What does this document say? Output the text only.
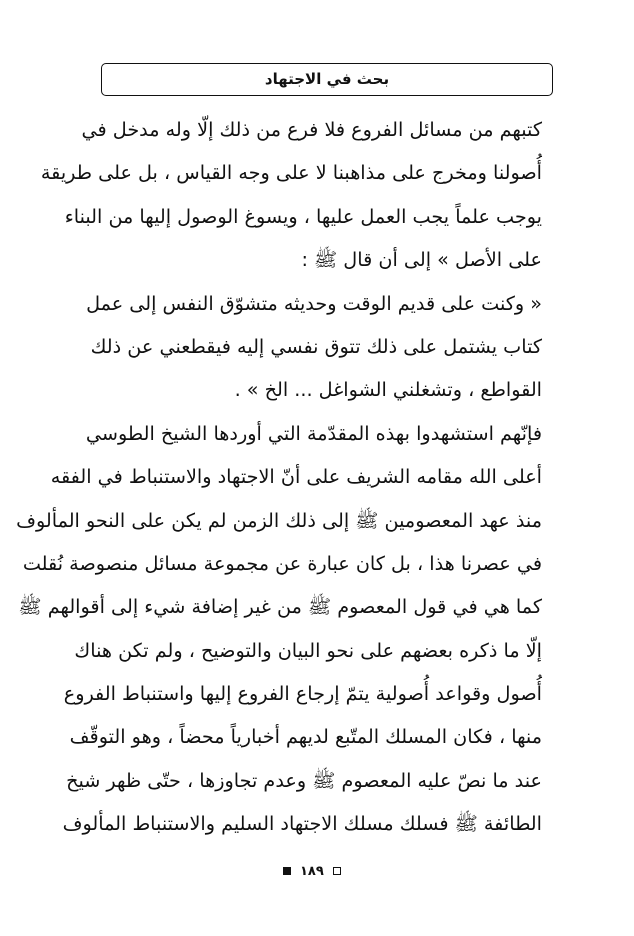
بحث في الاجتهاد
كتبهم من مسائل الفروع فلا فرع من ذلك إلّا وله مدخل في
أُصولنا ومخرج على مذاهبنا لا على وجه القياس ، بل على طريقة
يوجب علماً يجب العمل عليها ، ويسوغ الوصول إليها من البناء
على الأصل » إلى أن قال ﷺ :
« وكنت على قديم الوقت وحديثه متشوّق النفس إلى عمل
كتاب يشتمل على ذلك تتوق نفسي إليه فيقطعني عن ذلك
القواطع ، وتشغلني الشواغل ... الخ » .
فإنّهم استشهدوا بهذه المقدّمة التي أوردها الشيخ الطوسي
أعلى الله مقامه الشريف على أنّ الاجتهاد والاستنباط في الفقه
منذ عهد المعصومين ﷺ إلى ذلك الزمن لم يكن على النحو المألوف
في عصرنا هذا ، بل كان عبارة عن مجموعة مسائل منصوصة نُقلت
كما هي في قول المعصوم ﷺ من غير إضافة شيء إلى أقوالهم ﷺ
إلّا ما ذكره بعضهم على نحو البيان والتوضيح ، ولم تكن هناك
أُصول وقواعد أُصولية يتمّ إرجاع الفروع إليها واستنباط الفروع
منها ، فكان المسلك المتّبع لديهم أخبارياً محضاً ، وهو التوقّف
عند ما نصّ عليه المعصوم ﷺ وعدم تجاوزها ، حتّى ظهر شيخ
الطائفة ﷺ فسلك مسلك الاجتهاد السليم والاستنباط المألوف
١٨٩
